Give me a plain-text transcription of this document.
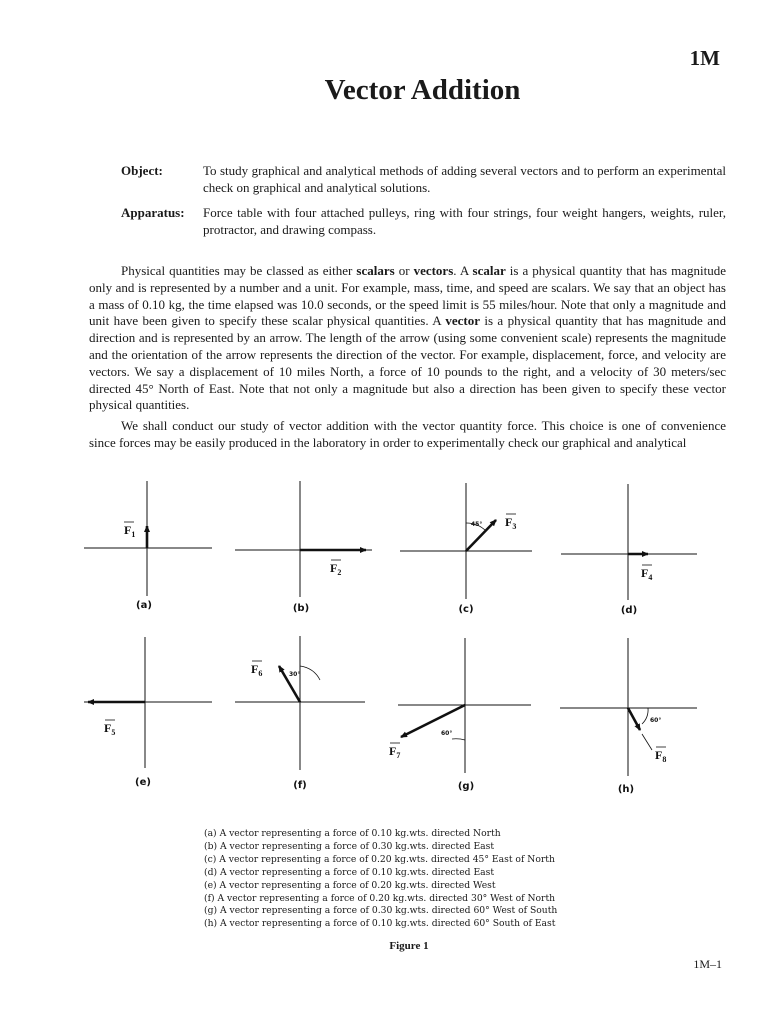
1M
Vector Addition
Object:	To study graphical and analytical methods of adding several vectors and to perform an experimental check on graphical and analytical solutions.
Apparatus: Force table with four attached pulleys, ring with four strings, four weight hangers, weights, ruler, protractor, and drawing compass.

Physical quantities may be classed as either scalars or vectors. A scalar is a physical quantity that has magnitude only and is represented by a number and a unit. For example, mass, time, and speed are scalars. We say that an object has a mass of 0.10 kg, the time elapsed was 10.0 seconds, or the speed limit is 55 miles/hour. Note that only a magnitude and unit have been given to specify these scalar physical quantities. A vector is a physical quantity that has magnitude and direction and is represented by an arrow. The length of the arrow (using some convenient scale) represents the magnitude and the orientation of the arrow represents the direction of the vector. For example, displacement, force, and velocity are vectors. We say a displacement of 10 miles North, a force of 10 pounds to the right, and a velocity of 30 meters/sec directed 45° North of East. Note that not only a magnitude but also a direction has been given to specify these vector physical quantities.

We shall conduct our study of vector addition with the vector quantity force. This choice is one of convenience since forces may be easily produced in the laboratory in order to experimentally check our graphical and analytical

45°
30°
60°
60°
$F_1$
$F_2$
$F_3$
$F_4$
$F_5$
$F_6$
$F_7$	$F_8$
(a)	(b)	(c)	(d)
(e)	(f)	(g)	(h)
(a) A vector representing a force of 0.10 kg.wts. directed North
(b) A vector representing a force of 0.30 kg.wts. directed East
(c) A vector representing a force of 0.20 kg.wts. directed 45° East of North
(d) A vector representing a force of 0.10 kg.wts. directed East
(e) A vector representing a force of 0.20 kg.wts. directed West
(f) A vector representing a force of 0.20 kg.wts. directed 30° West of North
(g) A vector representing a force of 0.30 kg.wts. directed 60° West of South
(h) A vector representing a force of 0.10 kg.wts. directed 60° South of East
Figure 1
1M–1
